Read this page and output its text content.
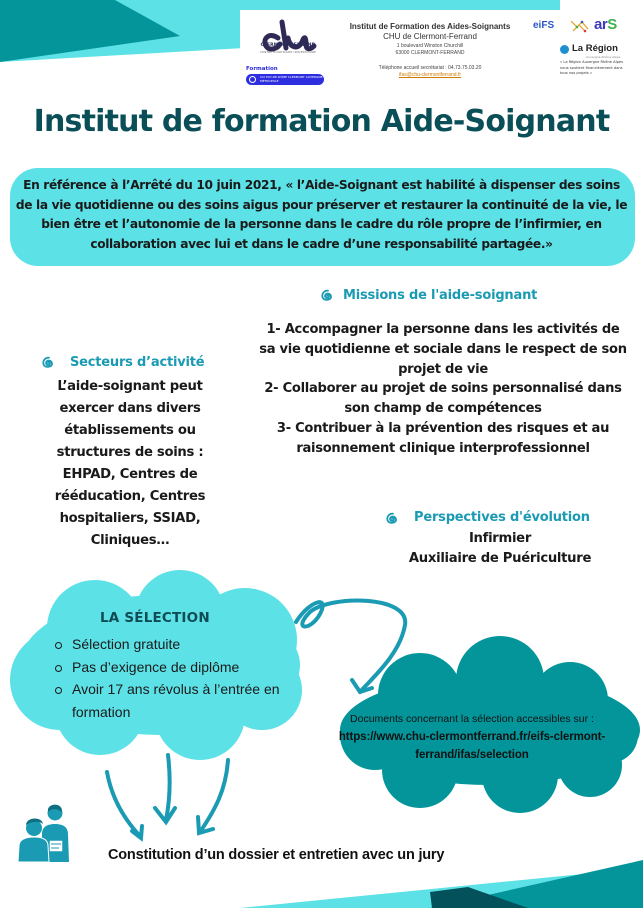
CLERMONT-FERRAND
CENTRE HOSPITALIER UNIVERSITAIRE
Formation
CCI PUY-DE-DÔME CLERMONT AUVERGNE MÉTROPOLE
Institut de Formation des Aides-Soignants
CHU de Clermont-Ferrand
1 boulevard Winston Churchill
63000 CLERMONT-FERRAND
Téléphone accueil secrétariat : 04.73.75.03.20
ifas@chu-clermontferrand.fr
eiFS	arS
La Région
Auvergne-Rhône-Alpes
« La Région Auvergne Rhône Alpes nous soutient financièrement dans tous nos projets »
Institut de formation Aide-Soignant
En référence à l’Arrêté du 10 juin 2021, « l’Aide-Soignant est habilité à dispenser des soins de la vie quotidienne ou des soins aigus pour préserver et restaurer la continuité de la vie, le bien être et l’autonomie de la personne dans le cadre du rôle propre de l’infirmier, en collaboration avec lui et dans le cadre d’une responsabilité partagée.»
Missions de l'aide-soignant
1- Accompagner la personne dans les activités de sa vie quotidienne et sociale dans le respect de son projet de vie
2- Collaborer au projet de soins personnalisé dans son champ de compétences
3- Contribuer à la prévention des risques et au raisonnement clinique interprofessionnel
Secteurs d’activité
L’aide-soignant peut exercer dans divers établissements ou structures de soins : EHPAD, Centres de rééducation, Centres hospitaliers, SSIAD, Cliniques…
Perspectives d'évolution
Infirmier
Auxiliaire de Puériculture
LA SÉLECTION
Sélection gratuite
Pas d’exigence de diplôme
Avoir 17 ans révolus à l’entrée en formation	Documents concernant la sélection accessibles sur :
https://www.chu-clermontferrand.fr/eifs-clermont-ferrand/ifas/selection
Constitution d’un dossier et entretien avec un jury
